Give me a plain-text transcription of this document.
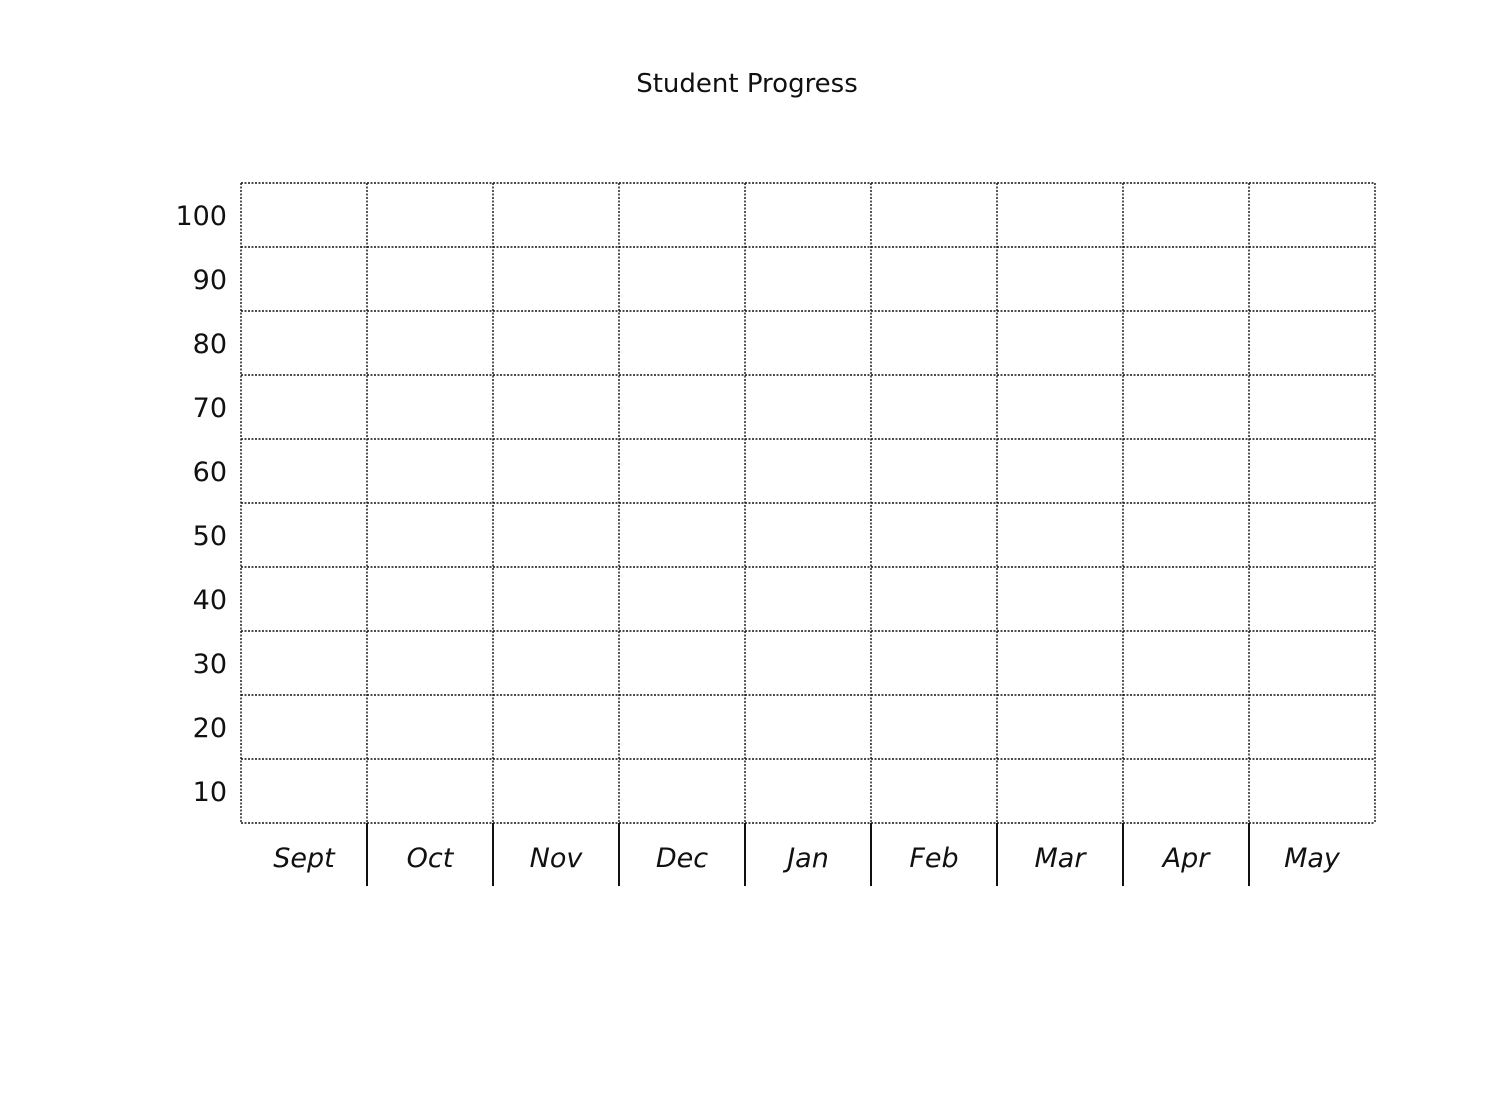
Student Progress
100
90
80
70
60
50
40
30
20
10
Sept	Oct	Nov	Dec	Jan	Feb	Mar	Apr	May
